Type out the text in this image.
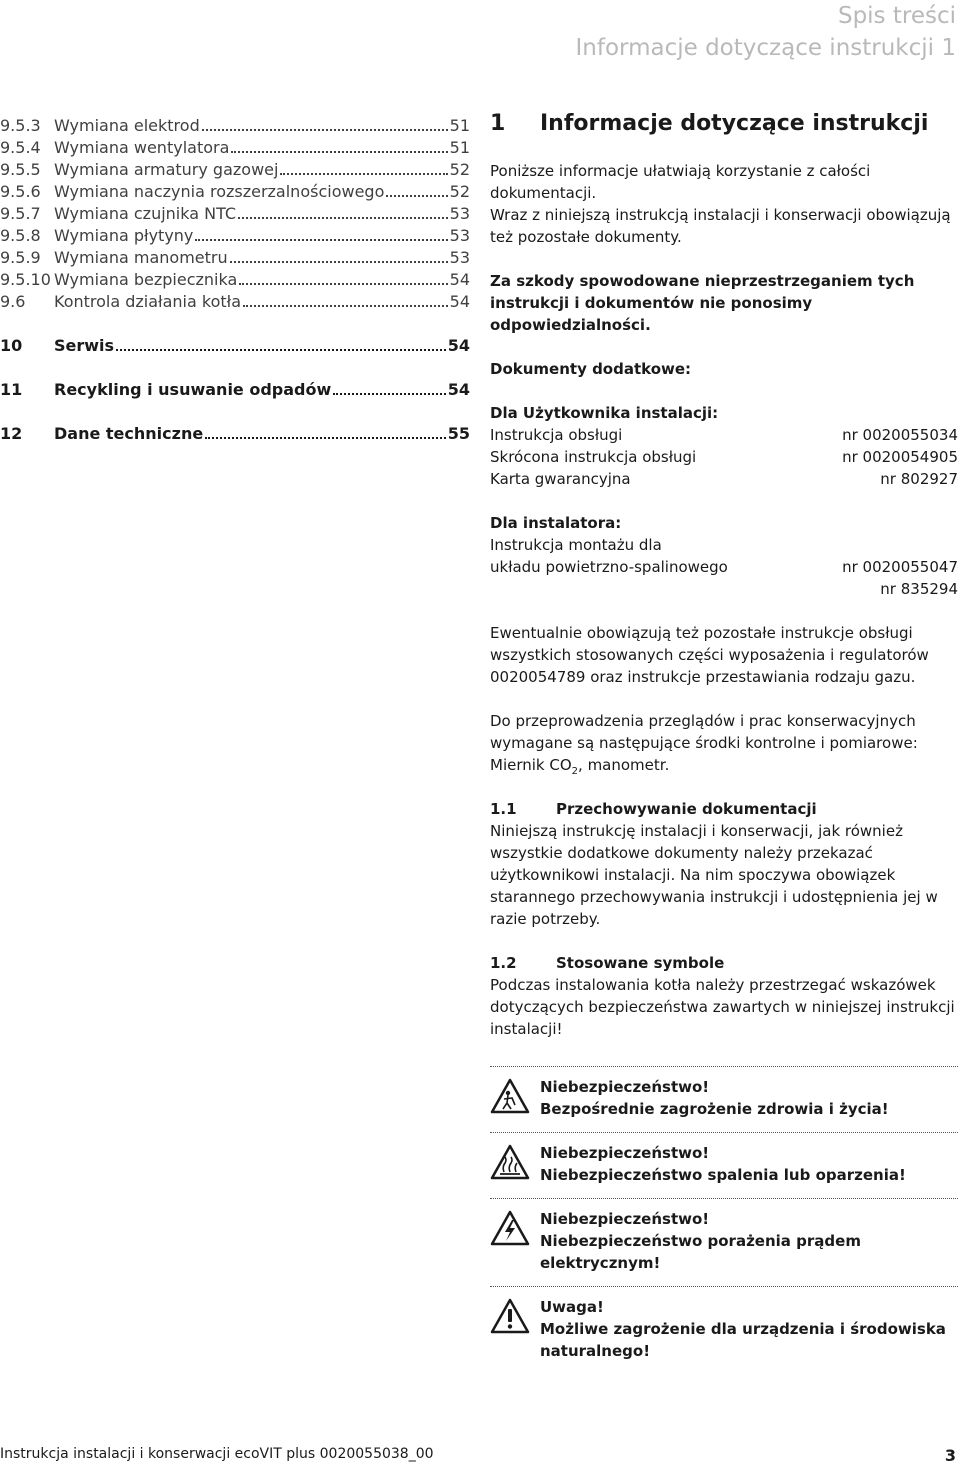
Spis treści
Informacje dotyczące instrukcji 1
9.5.3 Wymiana elektrod	51
9.5.4 Wymiana wentylatora	51
9.5.5 Wymiana armatury gazowej	52
9.5.6 Wymiana naczynia rozszerzalnościowego	52
9.5.7 Wymiana czujnika NTC	53
9.5.8 Wymiana płytyny	53
9.5.9 Wymiana manometru	53
9.5.10 Wymiana bezpiecznika	54
9.6	Kontrola działania kotła	54
10	Serwis	54
11	Recykling i usuwanie odpadów	54
12	Dane techniczne	55
1	Informacje dotyczące instrukcji
Poniższe informacje ułatwiają korzystanie z całości dokumentacji.
Wraz z niniejszą instrukcją instalacji i konserwacji obowiązują też pozostałe dokumenty.
Za szkody spowodowane nieprzestrzeganiem tych instrukcji i dokumentów nie ponosimy odpowiedzialności.
Dokumenty dodatkowe:
Dla Użytkownika instalacji:
Instrukcja obsługi	nr 0020055034
Skrócona instrukcja obsługi	nr 0020054905
Karta gwarancyjna	nr 802927
Dla instalatora:
Instrukcja montażu dla
układu powietrzno-spalinowego	nr 0020055047
nr 835294
Ewentualnie obowiązują też pozostałe instrukcje obsługi wszystkich stosowanych części wyposażenia i regulatorów 0020054789 oraz instrukcje przestawiania rodzaju gazu.
Do przeprowadzenia przeglądów i prac konserwacyjnych wymagane są następujące środki kontrolne i pomiarowe: Miernik $CO_2$, manometr.
1.1	Przechowywanie dokumentacji
Niniejszą instrukcję instalacji i konserwacji, jak również wszystkie dodatkowe dokumenty należy przekazać użytkownikowi instalacji. Na nim spoczywa obowiązek starannego przechowywania instrukcji i udostępnienia jej w razie potrzeby.
1.2	Stosowane symbole
Podczas instalowania kotła należy przestrzegać wskazówek dotyczących bezpieczeństwa zawartych w niniejszej instrukcji instalacji!
Niebezpieczeństwo!
Bezpośrednie zagrożenie zdrowia i życia!
Niebezpieczeństwo!
Niebezpieczeństwo spalenia lub oparzenia!
Niebezpieczeństwo!
Niebezpieczeństwo porażenia prądem elektrycznym!
Uwaga!
Możliwe zagrożenie dla urządzenia i środowiska naturalnego!
Instrukcja instalacji i konserwacji ecoVIT plus 0020055038_00	3
